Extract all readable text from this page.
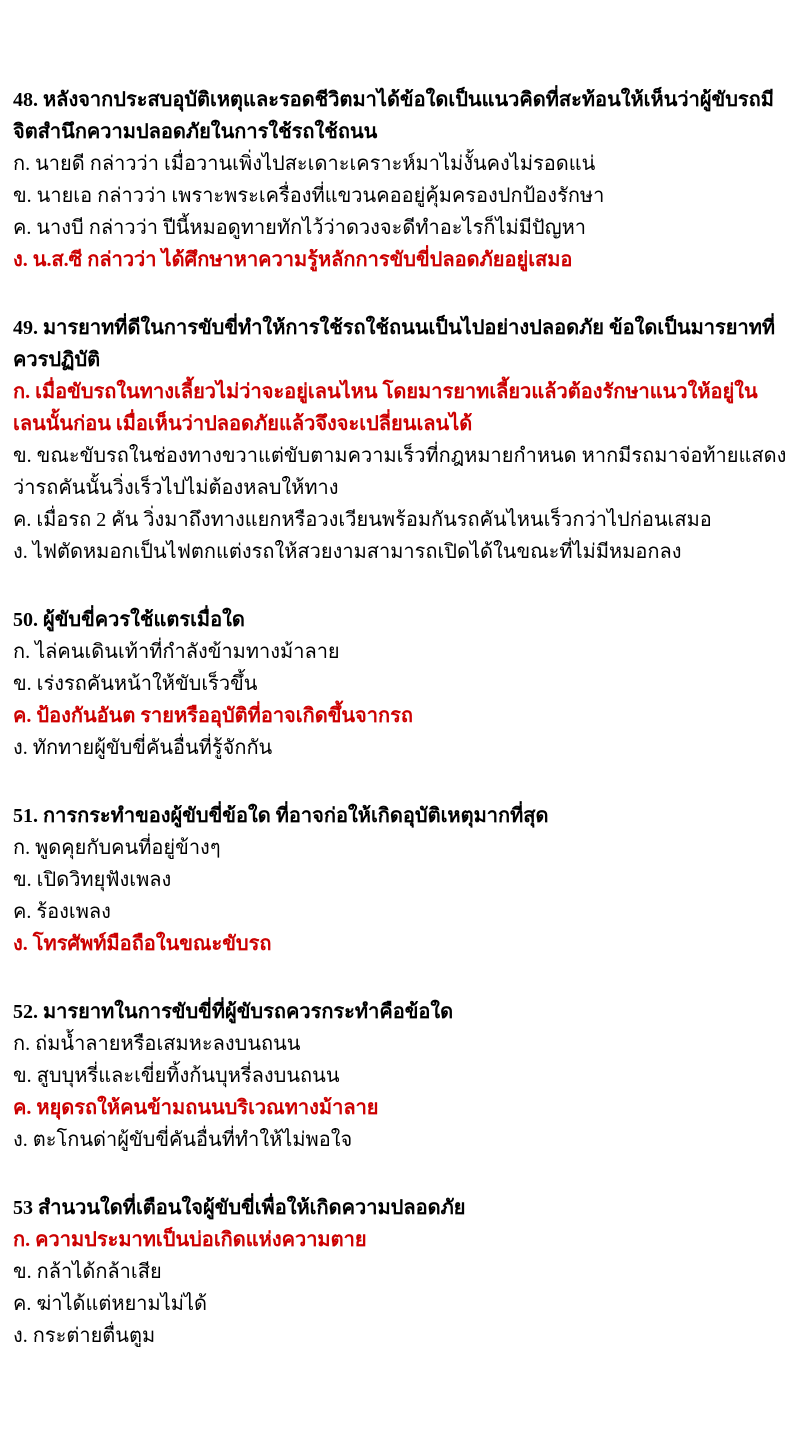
48. หลังจากประสบอุบัติเหตุและรอดชีวิตมาได้ข้อใดเป็นแนวคิดที่สะท้อนให้เห็นว่าผู้ขับรถมีจิตสำนึกความปลอดภัยในการใช้รถใช้ถนน

ก. นายดี กล่าวว่า เมื่อวานเพิ่งไปสะเดาะเคราะห์มาไม่งั้นคงไม่รอดแน่

ข. นายเอ กล่าวว่า เพราะพระเครื่องที่แขวนคออยู่คุ้มครองปกป้องรักษา

ค. นางบี กล่าวว่า ปีนี้หมอดูทายทักไว้ว่าดวงจะดีทำอะไรก็ไม่มีปัญหา

ง. น.ส.ซี กล่าวว่า ได้ศึกษาหาความรู้หลักการขับขี่ปลอดภัยอยู่เสมอ

49. มารยาทที่ดีในการขับขี่ทำให้การใช้รถใช้ถนนเป็นไปอย่างปลอดภัย ข้อใดเป็นมารยาทที่ควรปฏิบัติ

ก. เมื่อขับรถในทางเลี้ยวไม่ว่าจะอยู่เลนไหน โดยมารยาทเลี้ยวแล้วต้องรักษาแนวให้อยู่ในเลนนั้นก่อน เมื่อเห็นว่าปลอดภัยแล้วจึงจะเปลี่ยนเลนได้

ข. ขณะขับรถในช่องทางขวาแต่ขับตามความเร็วที่กฎหมายกำหนด หากมีรถมาจ่อท้ายแสดงว่ารถคันนั้นวิ่งเร็วไปไม่ต้องหลบให้ทาง

ค. เมื่อรถ 2 คัน วิ่งมาถึงทางแยกหรือวงเวียนพร้อมกันรถคันไหนเร็วกว่าไปก่อนเสมอ

ง. ไฟตัดหมอกเป็นไฟตกแต่งรถให้สวยงามสามารถเปิดได้ในขณะที่ไม่มีหมอกลง

50. ผู้ขับขี่ควรใช้แตรเมื่อใด

ก. ไล่คนเดินเท้าที่กำลังข้ามทางม้าลาย

ข. เร่งรถคันหน้าให้ขับเร็วขึ้น

ค. ป้องกันอันต รายหรืออุบัติที่อาจเกิดขึ้นจากรถ

ง. ทักทายผู้ขับขี่คันอื่นที่รู้จักกัน

51. การกระทำของผู้ขับขี่ข้อใด ที่อาจก่อให้เกิดอุบัติเหตุมากที่สุด

ก. พูดคุยกับคนที่อยู่ข้างๆ

ข. เปิดวิทยุฟังเพลง

ค. ร้องเพลง

ง. โทรศัพท์มือถือในขณะขับรถ

52. มารยาทในการขับขี่ที่ผู้ขับรถควรกระทำคือข้อใด

ก. ถ่มน้ำลายหรือเสมหะลงบนถนน

ข. สูบบุหรี่และเขี่ยทิ้งก้นบุหรี่ลงบนถนน

ค. หยุดรถให้คนข้ามถนนบริเวณทางม้าลาย

ง. ตะโกนด่าผู้ขับขี่คันอื่นที่ทำให้ไม่พอใจ

53 สำนวนใดที่เตือนใจผู้ขับขี่เพื่อให้เกิดความปลอดภัย

ก. ความประมาทเป็นบ่อเกิดแห่งความตาย

ข. กล้าได้กล้าเสีย

ค. ฆ่าได้แต่หยามไม่ได้

ง. กระต่ายตื่นตูม
